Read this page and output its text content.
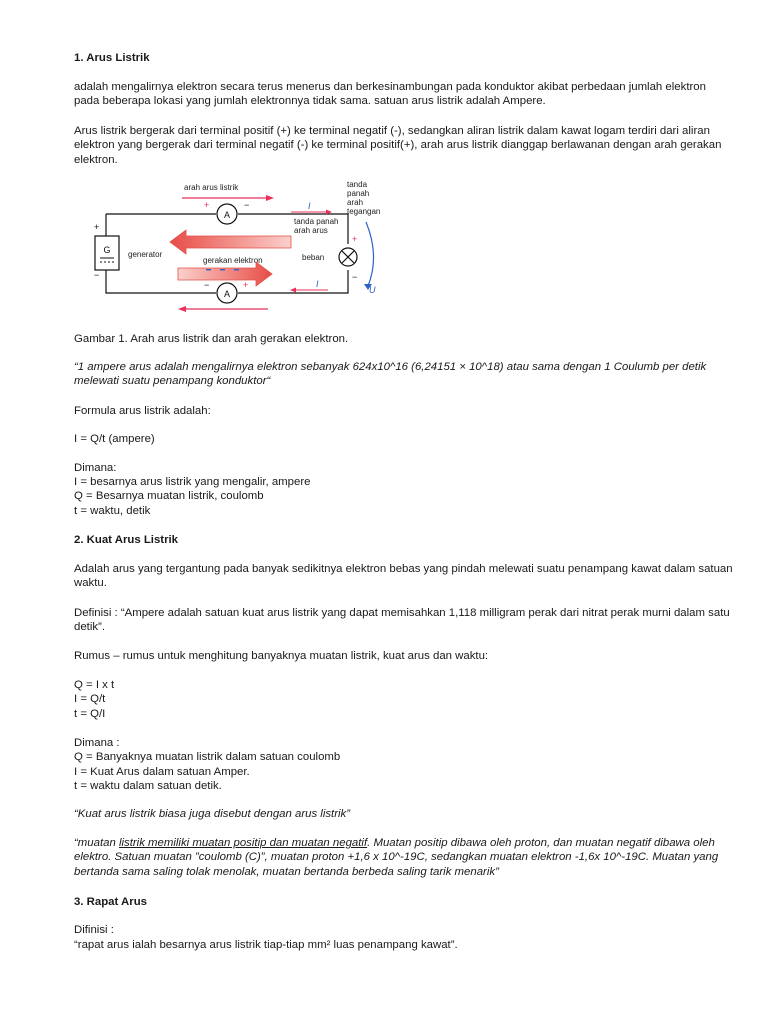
1. Arus Listrik

adalah mengalirnya elektron secara terus menerus dan berkesinambungan pada konduktor akibat perbedaan jumlah elektron pada beberapa lokasi yang jumlah elektronnya tidak sama. satuan arus listrik adalah Ampere.

Arus listrik bergerak dari terminal positif (+) ke terminal negatif (-), sedangkan aliran listrik dalam kawat logam terdiri dari aliran elektron yang bergerak dari terminal negatif (-) ke terminal positif(+), arah arus listrik dianggap berlawanan dengan arah gerakan elektron.

Gambar 1. Arah arus listrik dan arah gerakan elektron.

“1 ampere arus adalah mengalirnya elektron sebanyak 624x10^16 (6,24151 × 10^18) atau sama dengan 1 Coulumb per detik melewati suatu penampang konduktor“

Formula arus listrik adalah:

I = Q/t (ampere)

Dimana:

I = besarnya arus listrik yang mengalir, ampere

Q = Besarnya muatan listrik, coulomb

t = waktu, detik

2. Kuat Arus Listrik

Adalah arus yang tergantung pada banyak sedikitnya elektron bebas yang pindah melewati suatu penampang kawat dalam satuan waktu.

Definisi : “Ampere adalah satuan kuat arus listrik yang dapat memisahkan 1,118 milligram perak dari nitrat perak murni dalam satu detik”.

Rumus – rumus untuk menghitung banyaknya muatan listrik, kuat arus dan waktu:

Q = I x t

I = Q/t

t = Q/I

Dimana :

Q = Banyaknya muatan listrik dalam satuan coulomb

I = Kuat Arus dalam satuan Amper.

t = waktu dalam satuan detik.

“Kuat arus listrik biasa juga disebut dengan arus listrik”

“muatan listrik memiliki muatan positip dan muatan negatif. Muatan positip dibawa oleh proton, dan muatan negatif dibawa oleh elektro. Satuan muatan ”coulomb (C)”, muatan proton +1,6 x 10^-19C, sedangkan muatan elektron -1,6x 10^-19C. Muatan yang bertanda sama saling tolak menolak, muatan bertanda berbeda saling tarik menarik”

3. Rapat Arus

Difinisi :

“rapat arus ialah besarnya arus listrik tiap-tiap mm² luas penampang kawat”.

G
+
−
generator
A
+	−
A
−	+
arah arus listrik
gerakan elektron
I
I
tanda panah
arah arus
beban
+
−
U
tanda
panah
arah
tegangan
